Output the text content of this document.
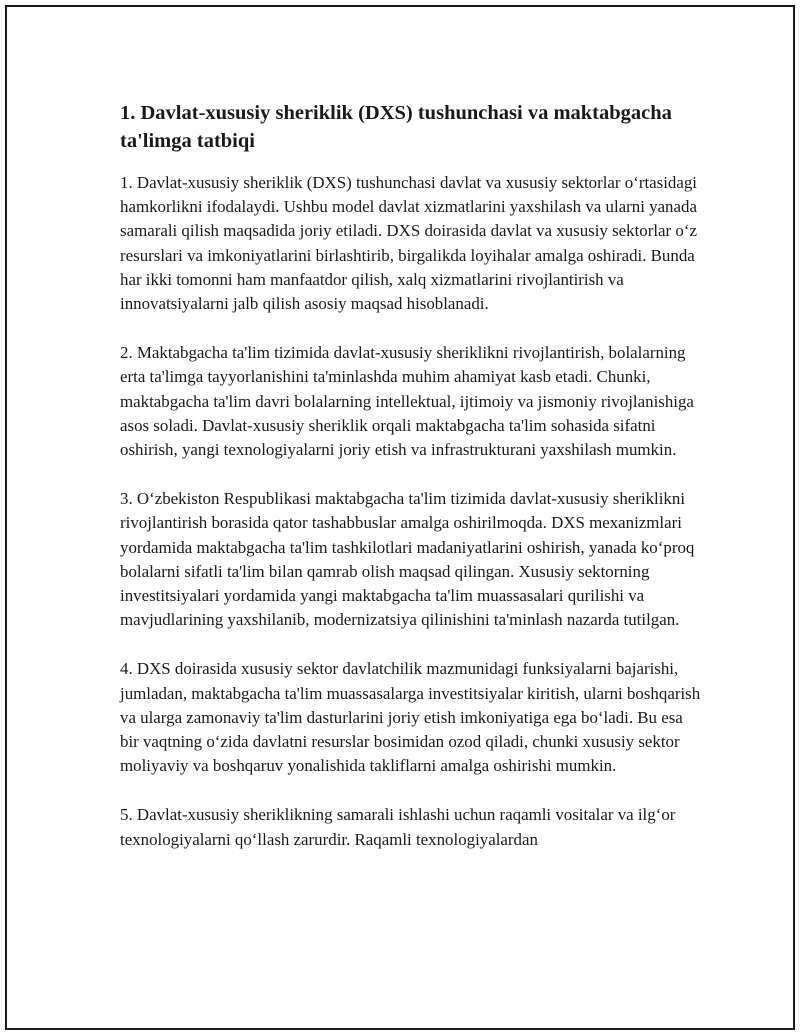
1. Davlat-xususiy sheriklik (DXS) tushunchasi va maktabgacha ta'limga tatbiqi

1. Davlat-xususiy sheriklik (DXS) tushunchasi davlat va xususiy sektorlar oʻrtasidagi hamkorlikni ifodalaydi. Ushbu model davlat xizmatlarini yaxshilash va ularni yanada samarali qilish maqsadida joriy etiladi. DXS doirasida davlat va xususiy sektorlar oʻz resurslari va imkoniyatlarini birlashtirib, birgalikda loyihalar amalga oshiradi. Bunda har ikki tomonni ham manfaatdor qilish, xalq xizmatlarini rivojlantirish va innovatsiyalarni jalb qilish asosiy maqsad hisoblanadi.

2. Maktabgacha ta'lim tizimida davlat-xususiy sheriklikni rivojlantirish, bolalarning erta ta'limga tayyorlanishini ta'minlashda muhim ahamiyat kasb etadi. Chunki, maktabgacha ta'lim davri bolalarning intellektual, ijtimoiy va jismoniy rivojlanishiga asos soladi. Davlat-xususiy sheriklik orqali maktabgacha ta'lim sohasida sifatni oshirish, yangi texnologiyalarni joriy etish va infrastrukturani yaxshilash mumkin.

3. Oʻzbekiston Respublikasi maktabgacha ta'lim tizimida davlat-xususiy sheriklikni rivojlantirish borasida qator tashabbuslar amalga oshirilmoqda. DXS mexanizmlari yordamida maktabgacha ta'lim tashkilotlari madaniyatlarini oshirish, yanada koʻproq bolalarni sifatli ta'lim bilan qamrab olish maqsad qilingan. Xususiy sektorning investitsiyalari yordamida yangi maktabgacha ta'lim muassasalari qurilishi va mavjudlarining yaxshilanib, modernizatsiya qilinishini ta'minlash nazarda tutilgan.

4. DXS doirasida xususiy sektor davlatchilik mazmunidagi funksiyalarni bajarishi, jumladan, maktabgacha ta'lim muassasalarga investitsiyalar kiritish, ularni boshqarish va ularga zamonaviy ta'lim dasturlarini joriy etish imkoniyatiga ega boʻladi. Bu esa bir vaqtning oʻzida davlatni resurslar bosimidan ozod qiladi, chunki xususiy sektor moliyaviy va boshqaruv yonalishida takliflarni amalga oshirishi mumkin.

5. Davlat-xususiy sheriklikning samarali ishlashi uchun raqamli vositalar va ilgʻor texnologiyalarni qoʻllash zarurdir. Raqamli texnologiyalardan
